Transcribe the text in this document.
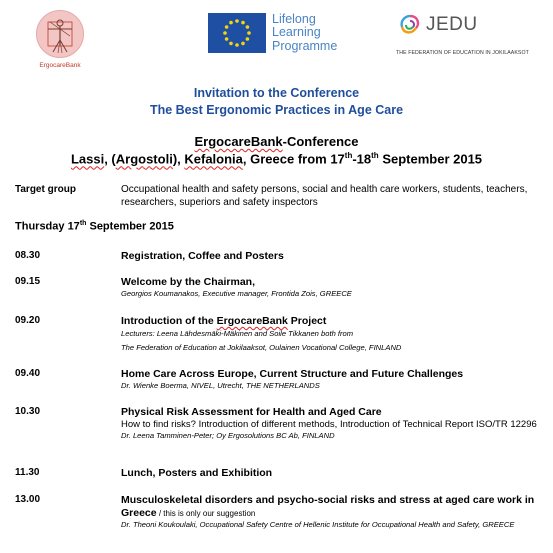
ErgocareBank
Lifelong
Learning
Programme
JEDU
THE FEDERATION OF EDUCATION IN JOKILAAKSOT
Invitation to the Conference
The Best Ergonomic Practices in Age Care
ErgocareBank-Conference
Lassi, (Argostoli), Kefalonia, Greece from 17th-18th September 2015
Target group	Occupational health and safety persons, social and health care workers, students, teachers, researchers, superiors and safety inspectors
Thursday 17th September 2015
08.30	Registration, Coffee and Posters
09.15	Welcome by the Chairman,
Georgios Koumanakos, Executive manager, Frontida Zois, GREECE
09.20	Introduction of the ErgocareBank Project
Lecturers: Leena Lähdesmäki-Mäkinen and Soile Tikkanen both from
The Federation of Education at Jokilaaksot, Oulainen Vocational College, FINLAND
09.40	Home Care Across Europe, Current Structure and Future Challenges
Dr. Wienke Boerma, NIVEL, Utrecht, THE NETHERLANDS
10.30	Physical Risk Assessment for Health and Aged Care
How to find risks? Introduction of different methods, Introduction of Technical Report ISO/TR 12296
Dr. Leena Tamminen-Peter; Oy Ergosolutions BC Ab, FINLAND
11.30	Lunch, Posters and Exhibition
13.00	Musculoskeletal disorders and psycho-social risks and stress at aged care work in Greece / this is only our suggestion
Dr. Theoni Koukoulaki, Occupational Safety Centre of Hellenic Institute for Occupational Health and Safety, GREECE
